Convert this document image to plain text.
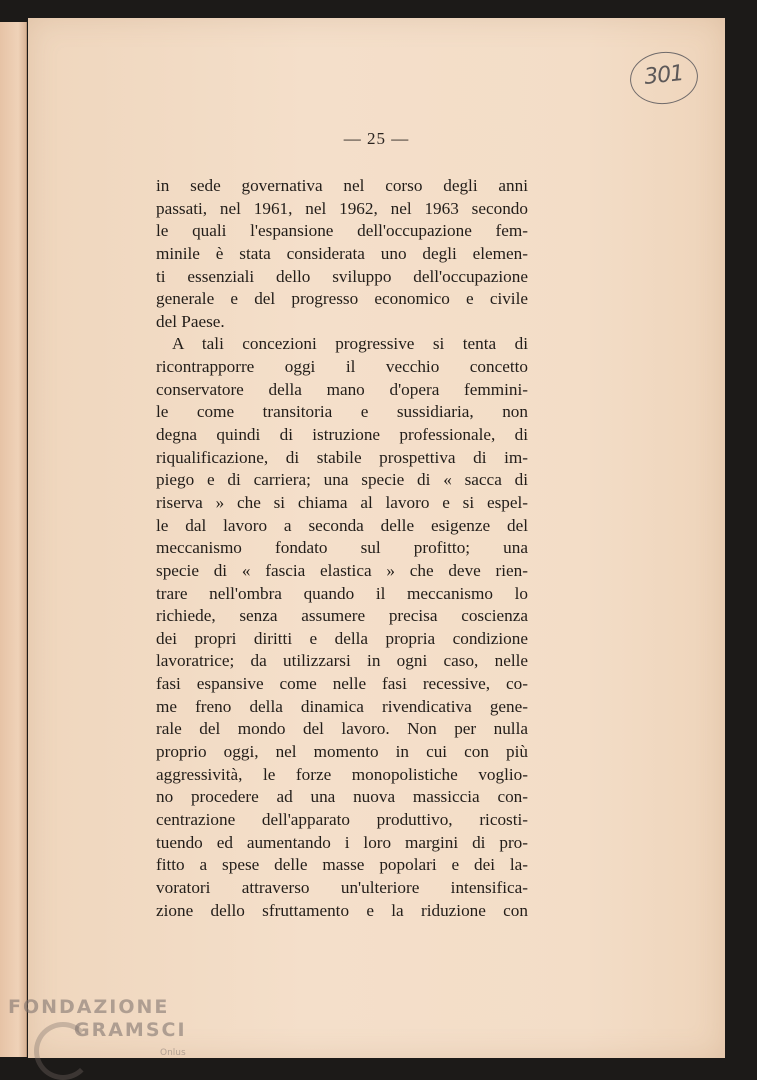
301
— 25 —
in sede governativa nel corso degli anni
passati, nel 1961, nel 1962, nel 1963 secondo
le quali l'espansione dell'occupazione fem-
minile è stata considerata uno degli elemen-
ti essenziali dello sviluppo dell'occupazione
generale e del progresso economico e civile
del Paese.
A tali concezioni progressive si tenta di
ricontrapporre oggi il vecchio concetto
conservatore della mano d'opera femmini-
le come transitoria e sussidiaria, non
degna quindi di istruzione professionale, di
riqualificazione, di stabile prospettiva di im-
piego e di carriera; una specie di « sacca di
riserva » che si chiama al lavoro e si espel-
le dal lavoro a seconda delle esigenze del
meccanismo fondato sul profitto; una
specie di « fascia elastica » che deve rien-
trare nell'ombra quando il meccanismo lo
richiede, senza assumere precisa coscienza
dei propri diritti e della propria condizione
lavoratrice; da utilizzarsi in ogni caso, nelle
fasi espansive come nelle fasi recessive, co-
me freno della dinamica rivendicativa gene-
rale del mondo del lavoro. Non per nulla
proprio oggi, nel momento in cui con più
aggressività, le forze monopolistiche voglio-
no procedere ad una nuova massiccia con-
centrazione dell'apparato produttivo, ricosti-
tuendo ed aumentando i loro margini di pro-
fitto a spese delle masse popolari e dei la-
voratori attraverso un'ulteriore intensifica-
zione dello sfruttamento e la riduzione con
FONDAZIONE
GRAMSCI
Onlus
